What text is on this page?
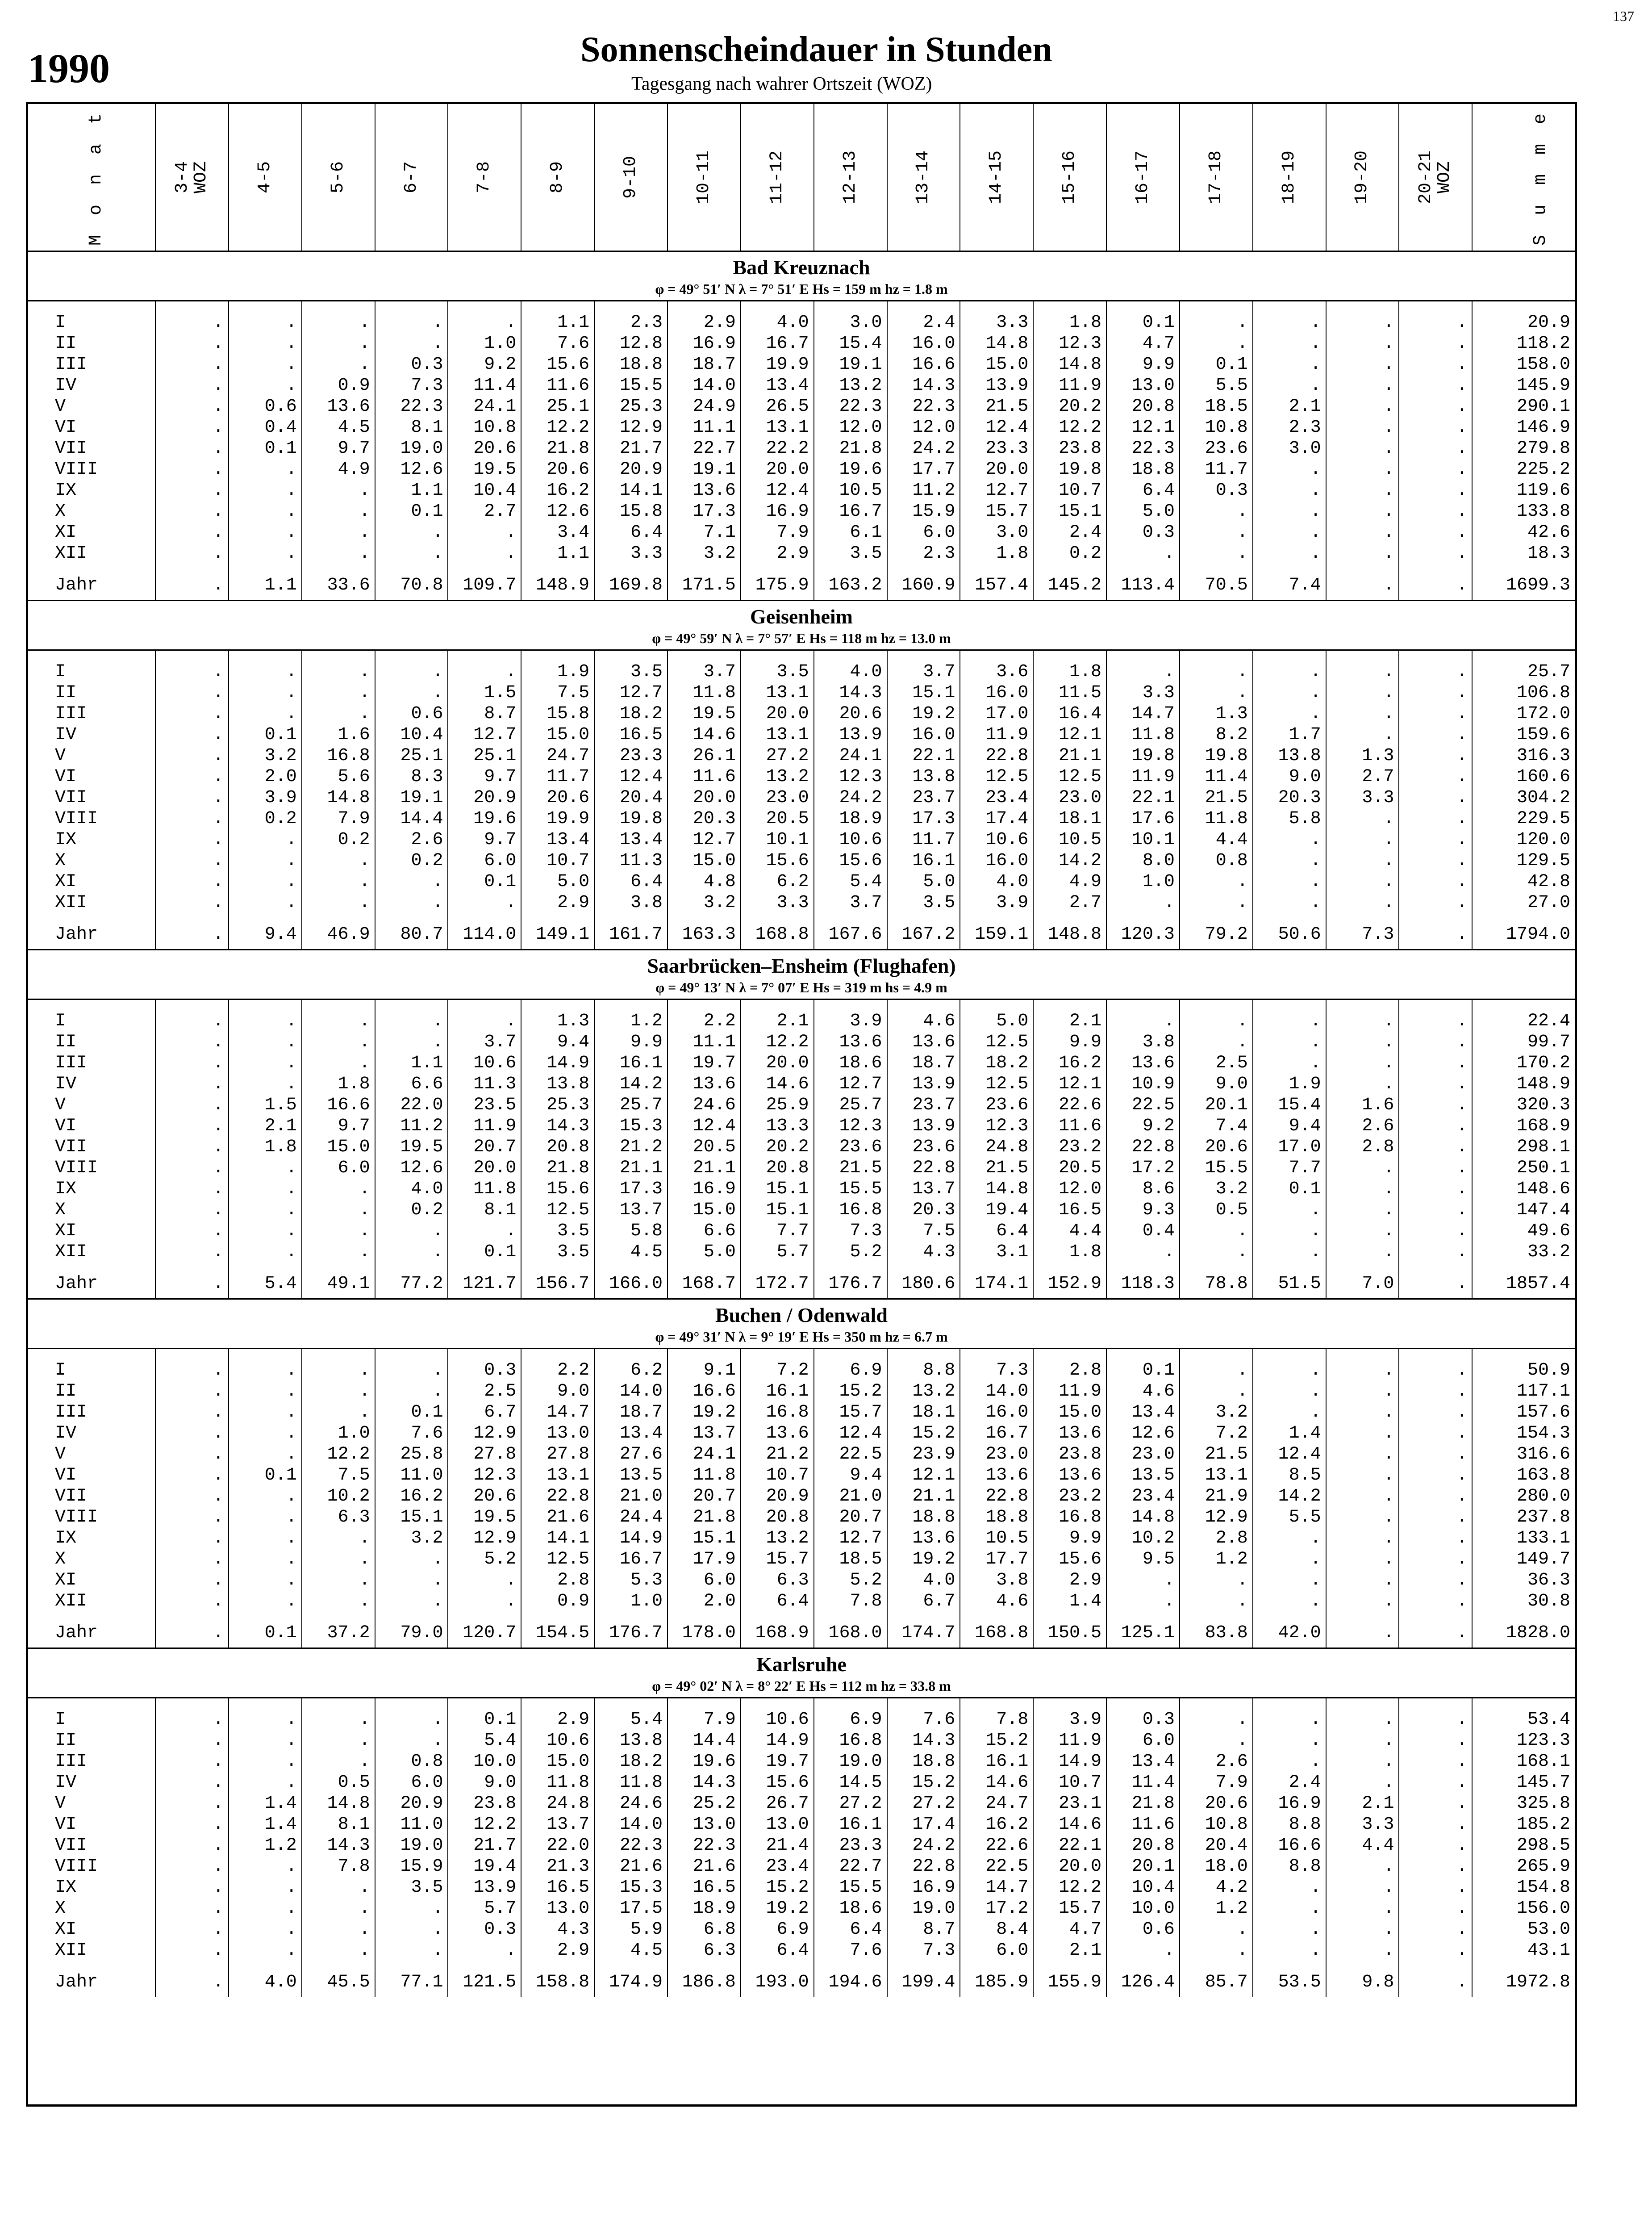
137
1990	Sonnenscheindauer in Stunden
Tagesgang nach wahrer Ortszeit (WOZ)
M o n a t	3-4
WOZ	4-5	5-6	6-7	7-8	8-9	9-10	10-11	11-12	12-13	13-14	14-15	15-16	16-17	17-18	18-19	19-20	20-21
WOZ	S u m m e

Bad Kreuznach
φ = 49° 51′ N λ = 7° 51′ E Hs = 159 m hz = 1.8 m																			

I	.	.	.	.	.	1.1	2.3	2.9	4.0	3.0	2.4	3.3	1.8	0.1	.	.	.	.	20.9
II	.	.	.	.	1.0	7.6	12.8	16.9	16.7	15.4	16.0	14.8	12.3	4.7	.	.	.	.	118.2
III	.	.	.	0.3	9.2	15.6	18.8	18.7	19.9	19.1	16.6	15.0	14.8	9.9	0.1	.	.	.	158.0
IV	.	.	0.9	7.3	11.4	11.6	15.5	14.0	13.4	13.2	14.3	13.9	11.9	13.0	5.5	.	.	.	145.9
V	.	0.6	13.6	22.3	24.1	25.1	25.3	24.9	26.5	22.3	22.3	21.5	20.2	20.8	18.5	2.1	.	.	290.1
VI	.	0.4	4.5	8.1	10.8	12.2	12.9	11.1	13.1	12.0	12.0	12.4	12.2	12.1	10.8	2.3	.	.	146.9
VII	.	0.1	9.7	19.0	20.6	21.8	21.7	22.7	22.2	21.8	24.2	23.3	23.8	22.3	23.6	3.0	.	.	279.8
VIII	.	.	4.9	12.6	19.5	20.6	20.9	19.1	20.0	19.6	17.7	20.0	19.8	18.8	11.7	.	.	.	225.2
IX	.	.	.	1.1	10.4	16.2	14.1	13.6	12.4	10.5	11.2	12.7	10.7	6.4	0.3	.	.	.	119.6
X	.	.	.	0.1	2.7	12.6	15.8	17.3	16.9	16.7	15.9	15.7	15.1	5.0	.	.	.	.	133.8
XI	.	.	.	.	.	3.4	6.4	7.1	7.9	6.1	6.0	3.0	2.4	0.3	.	.	.	.	42.6
XII	.	.	.	.	.	1.1	3.3	3.2	2.9	3.5	2.3	1.8	0.2	.	.	.	.	.	18.3
Jahr	.	1.1	33.6	70.8	109.7	148.9	169.8	171.5	175.9	163.2	160.9	157.4	145.2	113.4	70.5	7.4	.	.	1699.3

Geisenheim
φ = 49° 59′ N λ = 7° 57′ E Hs = 118 m hz = 13.0 m																			

I	.	.	.	.	.	1.9	3.5	3.7	3.5	4.0	3.7	3.6	1.8	.	.	.	.	.	25.7
II	.	.	.	.	1.5	7.5	12.7	11.8	13.1	14.3	15.1	16.0	11.5	3.3	.	.	.	.	106.8
III	.	.	.	0.6	8.7	15.8	18.2	19.5	20.0	20.6	19.2	17.0	16.4	14.7	1.3	.	.	.	172.0
IV	.	0.1	1.6	10.4	12.7	15.0	16.5	14.6	13.1	13.9	16.0	11.9	12.1	11.8	8.2	1.7	.	.	159.6
V	.	3.2	16.8	25.1	25.1	24.7	23.3	26.1	27.2	24.1	22.1	22.8	21.1	19.8	19.8	13.8	1.3	.	316.3
VI	.	2.0	5.6	8.3	9.7	11.7	12.4	11.6	13.2	12.3	13.8	12.5	12.5	11.9	11.4	9.0	2.7	.	160.6
VII	.	3.9	14.8	19.1	20.9	20.6	20.4	20.0	23.0	24.2	23.7	23.4	23.0	22.1	21.5	20.3	3.3	.	304.2
VIII	.	0.2	7.9	14.4	19.6	19.9	19.8	20.3	20.5	18.9	17.3	17.4	18.1	17.6	11.8	5.8	.	.	229.5
IX	.	.	0.2	2.6	9.7	13.4	13.4	12.7	10.1	10.6	11.7	10.6	10.5	10.1	4.4	.	.	.	120.0
X	.	.	.	0.2	6.0	10.7	11.3	15.0	15.6	15.6	16.1	16.0	14.2	8.0	0.8	.	.	.	129.5
XI	.	.	.	.	0.1	5.0	6.4	4.8	6.2	5.4	5.0	4.0	4.9	1.0	.	.	.	.	42.8
XII	.	.	.	.	.	2.9	3.8	3.2	3.3	3.7	3.5	3.9	2.7	.	.	.	.	.	27.0
Jahr	.	9.4	46.9	80.7	114.0	149.1	161.7	163.3	168.8	167.6	167.2	159.1	148.8	120.3	79.2	50.6	7.3	.	1794.0

Saarbrücken–Ensheim (Flughafen)
φ = 49° 13′ N λ = 7° 07′ E Hs = 319 m hs = 4.9 m																			

I	.	.	.	.	.	1.3	1.2	2.2	2.1	3.9	4.6	5.0	2.1	.	.	.	.	.	22.4
II	.	.	.	.	3.7	9.4	9.9	11.1	12.2	13.6	13.6	12.5	9.9	3.8	.	.	.	.	99.7
III	.	.	.	1.1	10.6	14.9	16.1	19.7	20.0	18.6	18.7	18.2	16.2	13.6	2.5	.	.	.	170.2
IV	.	.	1.8	6.6	11.3	13.8	14.2	13.6	14.6	12.7	13.9	12.5	12.1	10.9	9.0	1.9	.	.	148.9
V	.	1.5	16.6	22.0	23.5	25.3	25.7	24.6	25.9	25.7	23.7	23.6	22.6	22.5	20.1	15.4	1.6	.	320.3
VI	.	2.1	9.7	11.2	11.9	14.3	15.3	12.4	13.3	12.3	13.9	12.3	11.6	9.2	7.4	9.4	2.6	.	168.9
VII	.	1.8	15.0	19.5	20.7	20.8	21.2	20.5	20.2	23.6	23.6	24.8	23.2	22.8	20.6	17.0	2.8	.	298.1
VIII	.	.	6.0	12.6	20.0	21.8	21.1	21.1	20.8	21.5	22.8	21.5	20.5	17.2	15.5	7.7	.	.	250.1
IX	.	.	.	4.0	11.8	15.6	17.3	16.9	15.1	15.5	13.7	14.8	12.0	8.6	3.2	0.1	.	.	148.6
X	.	.	.	0.2	8.1	12.5	13.7	15.0	15.1	16.8	20.3	19.4	16.5	9.3	0.5	.	.	.	147.4
XI	.	.	.	.	.	3.5	5.8	6.6	7.7	7.3	7.5	6.4	4.4	0.4	.	.	.	.	49.6
XII	.	.	.	.	0.1	3.5	4.5	5.0	5.7	5.2	4.3	3.1	1.8	.	.	.	.	.	33.2
Jahr	.	5.4	49.1	77.2	121.7	156.7	166.0	168.7	172.7	176.7	180.6	174.1	152.9	118.3	78.8	51.5	7.0	.	1857.4

Buchen / Odenwald
φ = 49° 31′ N λ = 9° 19′ E Hs = 350 m hz = 6.7 m																			

I	.	.	.	.	0.3	2.2	6.2	9.1	7.2	6.9	8.8	7.3	2.8	0.1	.	.	.	.	50.9
II	.	.	.	.	2.5	9.0	14.0	16.6	16.1	15.2	13.2	14.0	11.9	4.6	.	.	.	.	117.1
III	.	.	.	0.1	6.7	14.7	18.7	19.2	16.8	15.7	18.1	16.0	15.0	13.4	3.2	.	.	.	157.6
IV	.	.	1.0	7.6	12.9	13.0	13.4	13.7	13.6	12.4	15.2	16.7	13.6	12.6	7.2	1.4	.	.	154.3
V	.	.	12.2	25.8	27.8	27.8	27.6	24.1	21.2	22.5	23.9	23.0	23.8	23.0	21.5	12.4	.	.	316.6
VI	.	0.1	7.5	11.0	12.3	13.1	13.5	11.8	10.7	9.4	12.1	13.6	13.6	13.5	13.1	8.5	.	.	163.8
VII	.	.	10.2	16.2	20.6	22.8	21.0	20.7	20.9	21.0	21.1	22.8	23.2	23.4	21.9	14.2	.	.	280.0
VIII	.	.	6.3	15.1	19.5	21.6	24.4	21.8	20.8	20.7	18.8	18.8	16.8	14.8	12.9	5.5	.	.	237.8
IX	.	.	.	3.2	12.9	14.1	14.9	15.1	13.2	12.7	13.6	10.5	9.9	10.2	2.8	.	.	.	133.1
X	.	.	.	.	5.2	12.5	16.7	17.9	15.7	18.5	19.2	17.7	15.6	9.5	1.2	.	.	.	149.7
XI	.	.	.	.	.	2.8	5.3	6.0	6.3	5.2	4.0	3.8	2.9	.	.	.	.	.	36.3
XII	.	.	.	.	.	0.9	1.0	2.0	6.4	7.8	6.7	4.6	1.4	.	.	.	.	.	30.8
Jahr	.	0.1	37.2	79.0	120.7	154.5	176.7	178.0	168.9	168.0	174.7	168.8	150.5	125.1	83.8	42.0	.	.	1828.0

Karlsruhe
φ = 49° 02′ N λ = 8° 22′ E Hs = 112 m hz = 33.8 m																			

I	.	.	.	.	0.1	2.9	5.4	7.9	10.6	6.9	7.6	7.8	3.9	0.3	.	.	.	.	53.4
II	.	.	.	.	5.4	10.6	13.8	14.4	14.9	16.8	14.3	15.2	11.9	6.0	.	.	.	.	123.3
III	.	.	.	0.8	10.0	15.0	18.2	19.6	19.7	19.0	18.8	16.1	14.9	13.4	2.6	.	.	.	168.1
IV	.	.	0.5	6.0	9.0	11.8	11.8	14.3	15.6	14.5	15.2	14.6	10.7	11.4	7.9	2.4	.	.	145.7
V	.	1.4	14.8	20.9	23.8	24.8	24.6	25.2	26.7	27.2	27.2	24.7	23.1	21.8	20.6	16.9	2.1	.	325.8
VI	.	1.4	8.1	11.0	12.2	13.7	14.0	13.0	13.0	16.1	17.4	16.2	14.6	11.6	10.8	8.8	3.3	.	185.2
VII	.	1.2	14.3	19.0	21.7	22.0	22.3	22.3	21.4	23.3	24.2	22.6	22.1	20.8	20.4	16.6	4.4	.	298.5
VIII	.	.	7.8	15.9	19.4	21.3	21.6	21.6	23.4	22.7	22.8	22.5	20.0	20.1	18.0	8.8	.	.	265.9
IX	.	.	.	3.5	13.9	16.5	15.3	16.5	15.2	15.5	16.9	14.7	12.2	10.4	4.2	.	.	.	154.8
X	.	.	.	.	5.7	13.0	17.5	18.9	19.2	18.6	19.0	17.2	15.7	10.0	1.2	.	.	.	156.0
XI	.	.	.	.	0.3	4.3	5.9	6.8	6.9	6.4	8.7	8.4	4.7	0.6	.	.	.	.	53.0
XII	.	.	.	.	.	2.9	4.5	6.3	6.4	7.6	7.3	6.0	2.1	.	.	.	.	.	43.1
Jahr	.	4.0	45.5	77.1	121.5	158.8	174.9	186.8	193.0	194.6	199.4	185.9	155.9	126.4	85.7	53.5	9.8	.	1972.8
